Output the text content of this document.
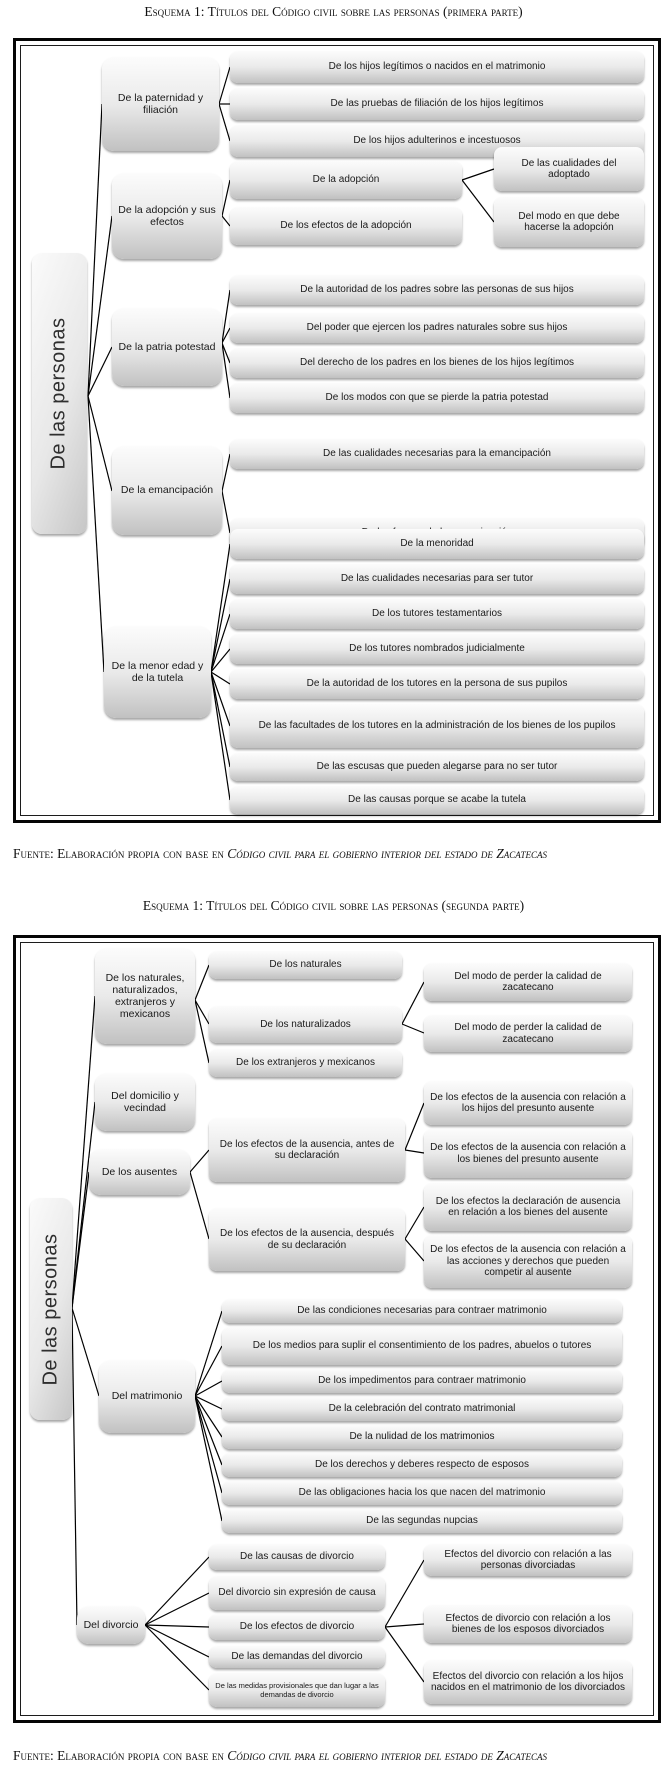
Esquema 1: Títulos del Código civil sobre las personas (primera parte)
De las personas
De la paternidad y filiación
De los hijos legítimos o nacidos en el matrimonio
De las pruebas de filiación de los hijos legítimos
De los hijos adulterinos e incestuosos
De la adopción y sus efectos
De la adopción
De los efectos de la adopción
De las cualidades del adoptado
Del modo en que debe hacerse la adopción
De la patria potestad
De la autoridad de los padres sobre las personas de sus hijos
Del poder que ejercen los padres naturales sobre sus hijos
Del derecho de los padres en los bienes de los hijos legítimos
De los modos con que se pierde la patria potestad
De la emancipación
De las cualidades necesarias para la emancipación
De la menor edad y de la tutela
De la menoridad
De las cualidades necesarias para ser tutor
De los tutores testamentarios
De los tutores nombrados judicialmente
De la autoridad de los tutores en la persona de sus pupilos
De las facultades de los tutores en la administración de los bienes de los pupilos
De las escusas que pueden alegarse para no ser tutor
De las causas porque se acabe la tutela
Fuente: Elaboración propia con base en Código civil para el gobierno interior del estado de Zacatecas
Esquema 1: Títulos del Código civil sobre las personas (segunda parte)
De las personas
De los naturales, naturalizados, extranjeros y mexicanos
De los naturales
De los naturalizados
De los extranjeros y mexicanos
Del modo de perder la calidad de zacatecano
Del modo de perder la calidad de zacatecano
Del domicilio y vecindad
De los ausentes
De los efectos de la ausencia, antes de su declaración
De los efectos de la ausencia, después de su declaración
De los efectos de la ausencia con relación a los hijos del presunto ausente
De los efectos de la ausencia con relación a los bienes del presunto ausente
De los efectos la declaración de ausencia en relación a los bienes del ausente
De los efectos de la ausencia con relación a las acciones y derechos que pueden competir al ausente
Del matrimonio
De las condiciones necesarias para contraer matrimonio
De los medios para suplir el consentimiento de los padres, abuelos o tutores
De los impedimentos para contraer matrimonio
De la celebración del contrato matrimonial
De la nulidad de los matrimonios
De los derechos y deberes respecto de esposos
De las obligaciones hacia los que nacen del matrimonio
De las segundas nupcias
Del divorcio
De las causas de divorcio
Del divorcio sin expresión de causa
De los efectos de divorcio
De las demandas del divorcio
De las medidas provisionales que dan lugar a las demandas de divorcio
Efectos del divorcio con relación a las personas divorciadas
Efectos de divorcio con relación a los bienes de los esposos divorciados
Efectos del divorcio con relación a los hijos nacidos en el matrimonio de los divorciados
Fuente: Elaboración propia con base en Código civil para el gobierno interior del estado de Zacatecas
